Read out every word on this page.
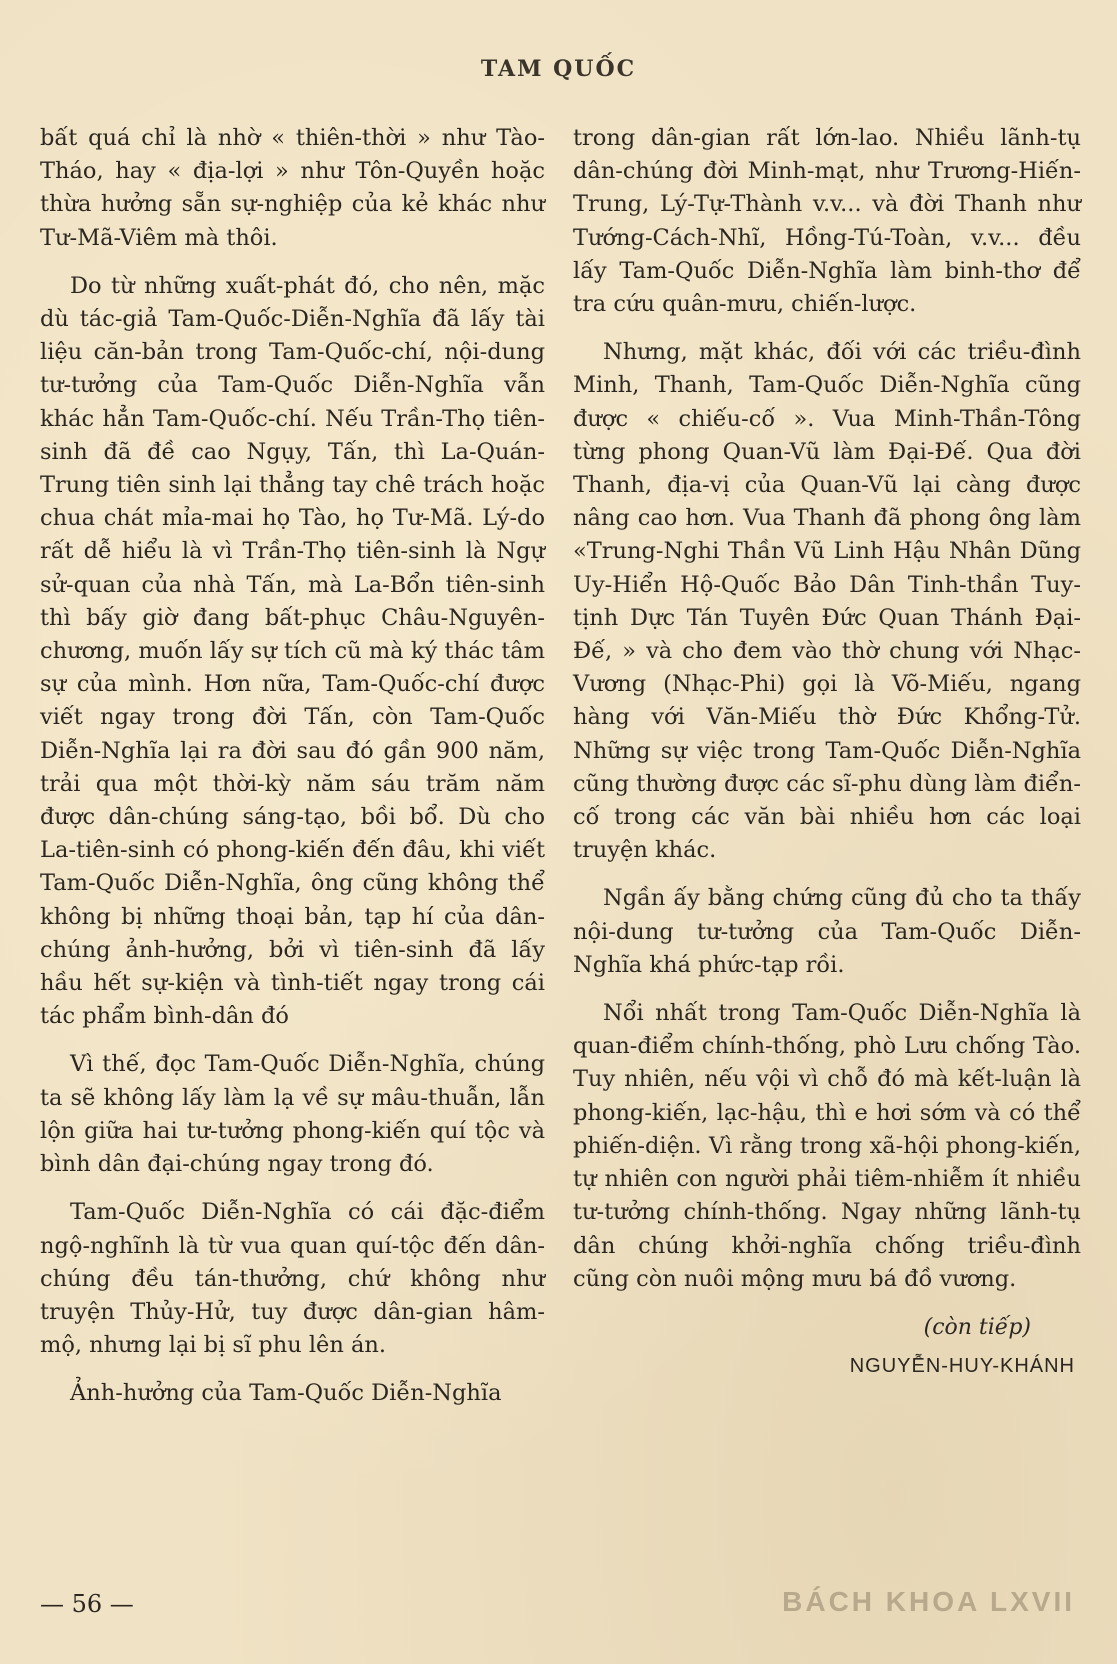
TAM QUỐC

bất quá chỉ là nhờ « thiên-thời » như Tào-Tháo, hay « địa-lợi » như Tôn-Quyền hoặc thừa hưởng sẵn sự-nghiệp của kẻ khác như Tư-Mã-Viêm mà thôi.

Do từ những xuất-phát đó, cho nên, mặc dù tác-giả Tam-Quốc-Diễn-Nghĩa đã lấy tài liệu căn-bản trong Tam-Quốc-chí, nội-dung tư-tưởng của Tam-Quốc Diễn-Nghĩa vẫn khác hẳn Tam-Quốc-chí. Nếu Trần-Thọ tiên-sinh đã đề cao Ngụy, Tấn, thì La-Quán-Trung tiên sinh lại thẳng tay chê trách hoặc chua chát mỉa-mai họ Tào, họ Tư-Mã. Lý-do rất dễ hiểu là vì Trần-Thọ tiên-sinh là Ngự sử-quan của nhà Tấn, mà La-Bổn tiên-sinh thì bấy giờ đang bất-phục Châu-Nguyên-chương, muốn lấy sự tích cũ mà ký thác tâm sự của mình. Hơn nữa, Tam-Quốc-chí được viết ngay trong đời Tấn, còn Tam-Quốc Diễn-Nghĩa lại ra đời sau đó gần 900 năm, trải qua một thời-kỳ năm sáu trăm năm được dân-chúng sáng-tạo, bồi bổ. Dù cho La-tiên-sinh có phong-kiến đến đâu, khi viết Tam-Quốc Diễn-Nghĩa, ông cũng không thể không bị những thoại bản, tạp hí của dân-chúng ảnh-hưởng, bởi vì tiên-sinh đã lấy hầu hết sự-kiện và tình-tiết ngay trong cái tác phẩm bình-dân đó

Vì thế, đọc Tam-Quốc Diễn-Nghĩa, chúng ta sẽ không lấy làm lạ về sự mâu-thuẫn, lẫn lộn giữa hai tư-tưởng phong-kiến quí tộc và bình dân đại-chúng ngay trong đó.

Tam-Quốc Diễn-Nghĩa có cái đặc-điểm ngộ-nghĩnh là từ vua quan quí-tộc đến dân-chúng đều tán-thưởng, chứ không như truyện Thủy-Hử, tuy được dân-gian hâm-mộ, nhưng lại bị sĩ phu lên án.

Ảnh-hưởng của Tam-Quốc Diễn-Nghĩa

trong dân-gian rất lớn-lao. Nhiều lãnh-tụ dân-chúng đời Minh-mạt, như Trương-Hiến-Trung, Lý-Tự-Thành v.v... và đời Thanh như Tướng-Cách-Nhĩ, Hồng-Tú-Toàn, v.v... đều lấy Tam-Quốc Diễn-Nghĩa làm binh-thơ để tra cứu quân-mưu, chiến-lược.

Nhưng, mặt khác, đối với các triều-đình Minh, Thanh, Tam-Quốc Diễn-Nghĩa cũng được « chiếu-cố ». Vua Minh-Thần-Tông từng phong Quan-Vũ làm Đại-Đế. Qua đời Thanh, địa-vị của Quan-Vũ lại càng được nâng cao hơn. Vua Thanh đã phong ông làm «Trung-Nghi Thần Vũ Linh Hậu Nhân Dũng Uy-Hiển Hộ-Quốc Bảo Dân Tinh-thần Tuy-tịnh Dực Tán Tuyên Đức Quan Thánh Đại-Đế, » và cho đem vào thờ chung với Nhạc-Vương (Nhạc-Phi) gọi là Võ-Miếu, ngang hàng với Văn-Miếu thờ Đức Khổng-Tử. Những sự việc trong Tam-Quốc Diễn-Nghĩa cũng thường được các sĩ-phu dùng làm điển-cố trong các văn bài nhiều hơn các loại truyện khác.

Ngần ấy bằng chứng cũng đủ cho ta thấy nội-dung tư-tưởng của Tam-Quốc Diễn-Nghĩa khá phức-tạp rồi.

Nổi nhất trong Tam-Quốc Diễn-Nghĩa là quan-điểm chính-thống, phò Lưu chống Tào. Tuy nhiên, nếu vội vì chỗ đó mà kết-luận là phong-kiến, lạc-hậu, thì e hơi sớm và có thể phiến-diện. Vì rằng trong xã-hội phong-kiến, tự nhiên con người phải tiêm-nhiễm ít nhiều tư-tưởng chính-thống. Ngay những lãnh-tụ dân chúng khởi-nghĩa chống triều-đình cũng còn nuôi mộng mưu bá đồ vương.

(còn tiếp)
NGUYỄN-HUY-KHÁNH
— 56 —	BÁCH KHOA LXVII
